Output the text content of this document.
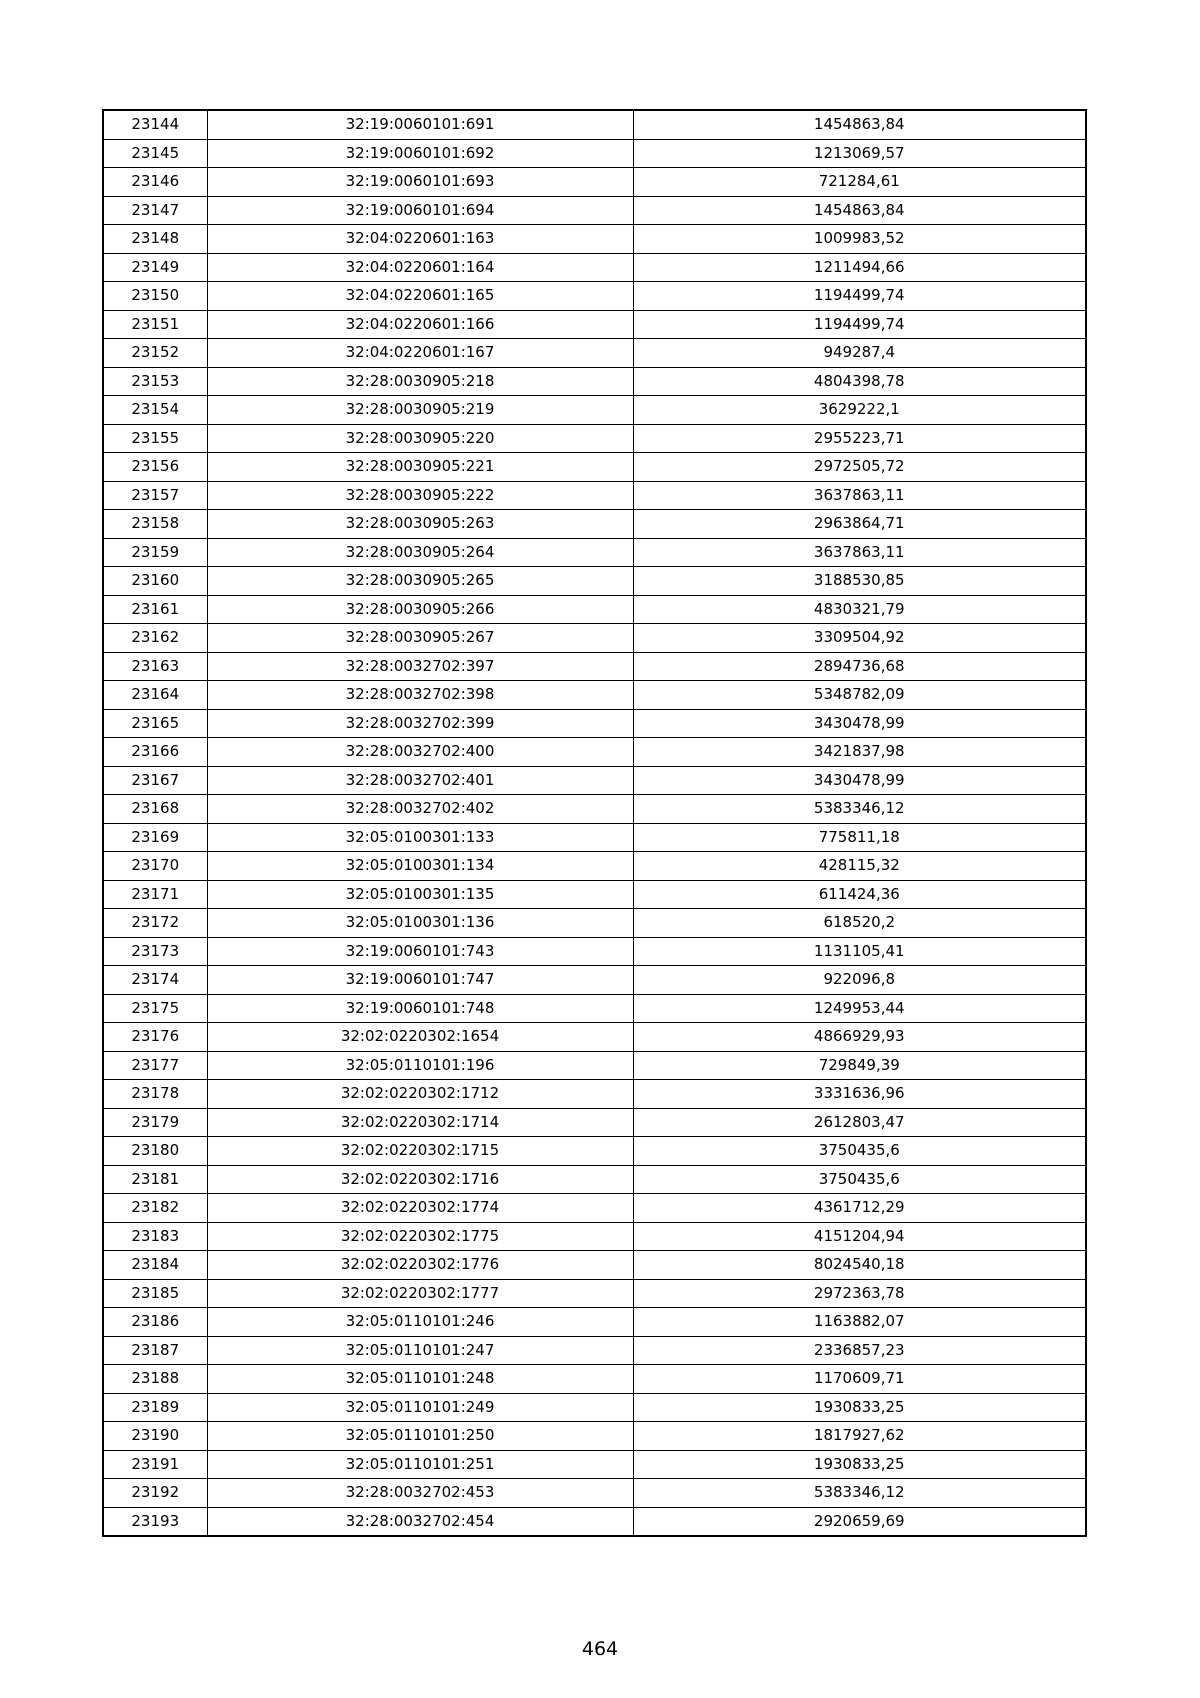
23144	32:19:0060101:691	1454863,84
23145	32:19:0060101:692	1213069,57
23146	32:19:0060101:693	721284,61
23147	32:19:0060101:694	1454863,84
23148	32:04:0220601:163	1009983,52
23149	32:04:0220601:164	1211494,66
23150	32:04:0220601:165	1194499,74
23151	32:04:0220601:166	1194499,74
23152	32:04:0220601:167	949287,4
23153	32:28:0030905:218	4804398,78
23154	32:28:0030905:219	3629222,1
23155	32:28:0030905:220	2955223,71
23156	32:28:0030905:221	2972505,72
23157	32:28:0030905:222	3637863,11
23158	32:28:0030905:263	2963864,71
23159	32:28:0030905:264	3637863,11
23160	32:28:0030905:265	3188530,85
23161	32:28:0030905:266	4830321,79
23162	32:28:0030905:267	3309504,92
23163	32:28:0032702:397	2894736,68
23164	32:28:0032702:398	5348782,09
23165	32:28:0032702:399	3430478,99
23166	32:28:0032702:400	3421837,98
23167	32:28:0032702:401	3430478,99
23168	32:28:0032702:402	5383346,12
23169	32:05:0100301:133	775811,18
23170	32:05:0100301:134	428115,32
23171	32:05:0100301:135	611424,36
23172	32:05:0100301:136	618520,2
23173	32:19:0060101:743	1131105,41
23174	32:19:0060101:747	922096,8
23175	32:19:0060101:748	1249953,44
23176	32:02:0220302:1654	4866929,93
23177	32:05:0110101:196	729849,39
23178	32:02:0220302:1712	3331636,96
23179	32:02:0220302:1714	2612803,47
23180	32:02:0220302:1715	3750435,6
23181	32:02:0220302:1716	3750435,6
23182	32:02:0220302:1774	4361712,29
23183	32:02:0220302:1775	4151204,94
23184	32:02:0220302:1776	8024540,18
23185	32:02:0220302:1777	2972363,78
23186	32:05:0110101:246	1163882,07
23187	32:05:0110101:247	2336857,23
23188	32:05:0110101:248	1170609,71
23189	32:05:0110101:249	1930833,25
23190	32:05:0110101:250	1817927,62
23191	32:05:0110101:251	1930833,25
23192	32:28:0032702:453	5383346,12
23193	32:28:0032702:454	2920659,69
464
